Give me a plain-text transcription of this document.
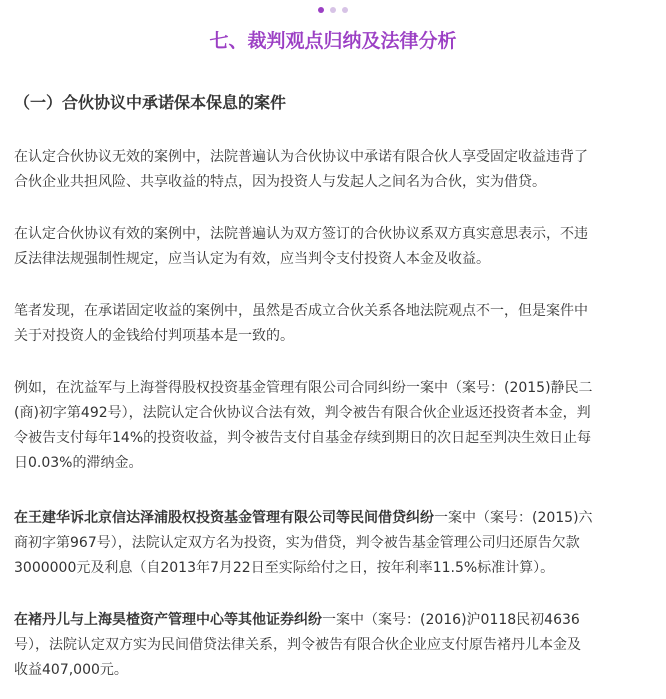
七、裁判观点归纳及法律分析
（一）合伙协议中承诺保本保息的案件

在认定合伙协议无效的案例中，法院普遍认为合伙协议中承诺有限合伙人享受固定收益违背了
合伙企业共担风险、共享收益的特点，因为投资人与发起人之间名为合伙，实为借贷。

在认定合伙协议有效的案例中，法院普遍认为双方签订的合伙协议系双方真实意思表示，不违
反法律法规强制性规定，应当认定为有效，应当判令支付投资人本金及收益。

笔者发现，在承诺固定收益的案例中，虽然是否成立合伙关系各地法院观点不一，但是案件中
关于对投资人的金钱给付判项基本是一致的。

例如，在沈益军与上海誉得股权投资基金管理有限公司合同纠纷一案中（案号：(2015)静民二
(商)初字第492号），法院认定合伙协议合法有效，判令被告有限合伙企业返还投资者本金，判
令被告支付每年14%的投资收益，判令被告支付自基金存续到期日的次日起至判决生效日止每
日0.03%的滞纳金。

在王建华诉北京信达泽浦股权投资基金管理有限公司等民间借贷纠纷一案中（案号：(2015)六
商初字第967号），法院认定双方名为投资，实为借贷，判令被告基金管理公司归还原告欠款
3000000元及利息（自2013年7月22日至实际给付之日，按年利率11.5%标准计算）。

在褚丹儿与上海昊楂资产管理中心等其他证券纠纷一案中（案号：(2016)沪0118民初4636
号），法院认定双方实为民间借贷法律关系，判令被告有限合伙企业应支付原告褚丹儿本金及
收益407,000元。
